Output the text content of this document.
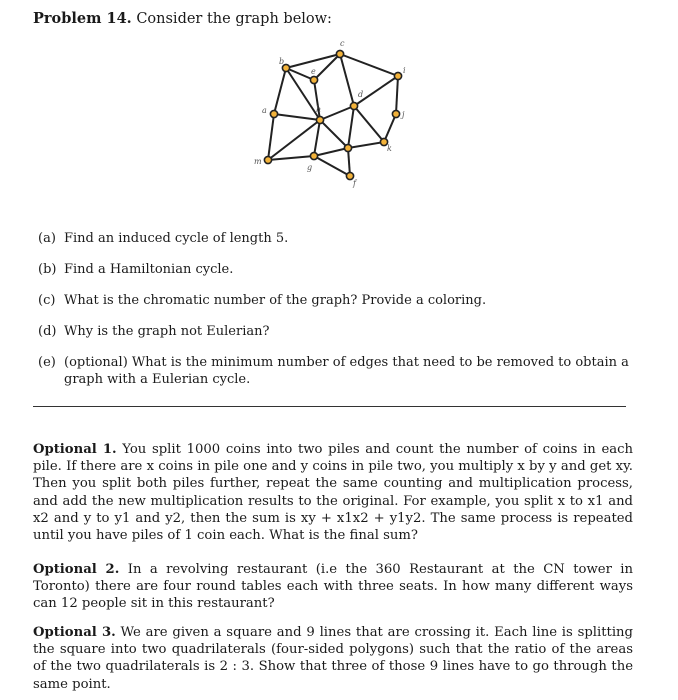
Problem 14. Consider the graph below:
b
c
e	i
a	h
d
j
k
m
g
f
(a) Find an induced cycle of length 5.
(b) Find a Hamiltonian cycle.
(c) What is the chromatic number of the graph? Provide a coloring.
(d) Why is the graph not Eulerian?
(e) (optional) What is the minimum number of edges that need to be removed to obtain a graph with a Eulerian cycle.
Optional 1. You split 1000 coins into two piles and count the number of coins in each pile. If there are x coins in pile one and y coins in pile two, you multiply x by y and get xy. Then you split both piles further, repeat the same counting and multiplication process, and add the new multiplication results to the original. For example, you split x to x1 and x2 and y to y1 and y2, then the sum is xy + x1x2 + y1y2. The same process is repeated until you have piles of 1 coin each. What is the final sum?
Optional 2. In a revolving restaurant (i.e the 360 Restaurant at the CN tower in Toronto) there are four round tables each with three seats. In how many different ways can 12 people sit in this restaurant?
Optional 3. We are given a square and 9 lines that are crossing it. Each line is splitting the square into two quadrilaterals (four-sided polygons) such that the ratio of the areas of the two quadrilaterals is 2 : 3. Show that three of those 9 lines have to go through the same point.
